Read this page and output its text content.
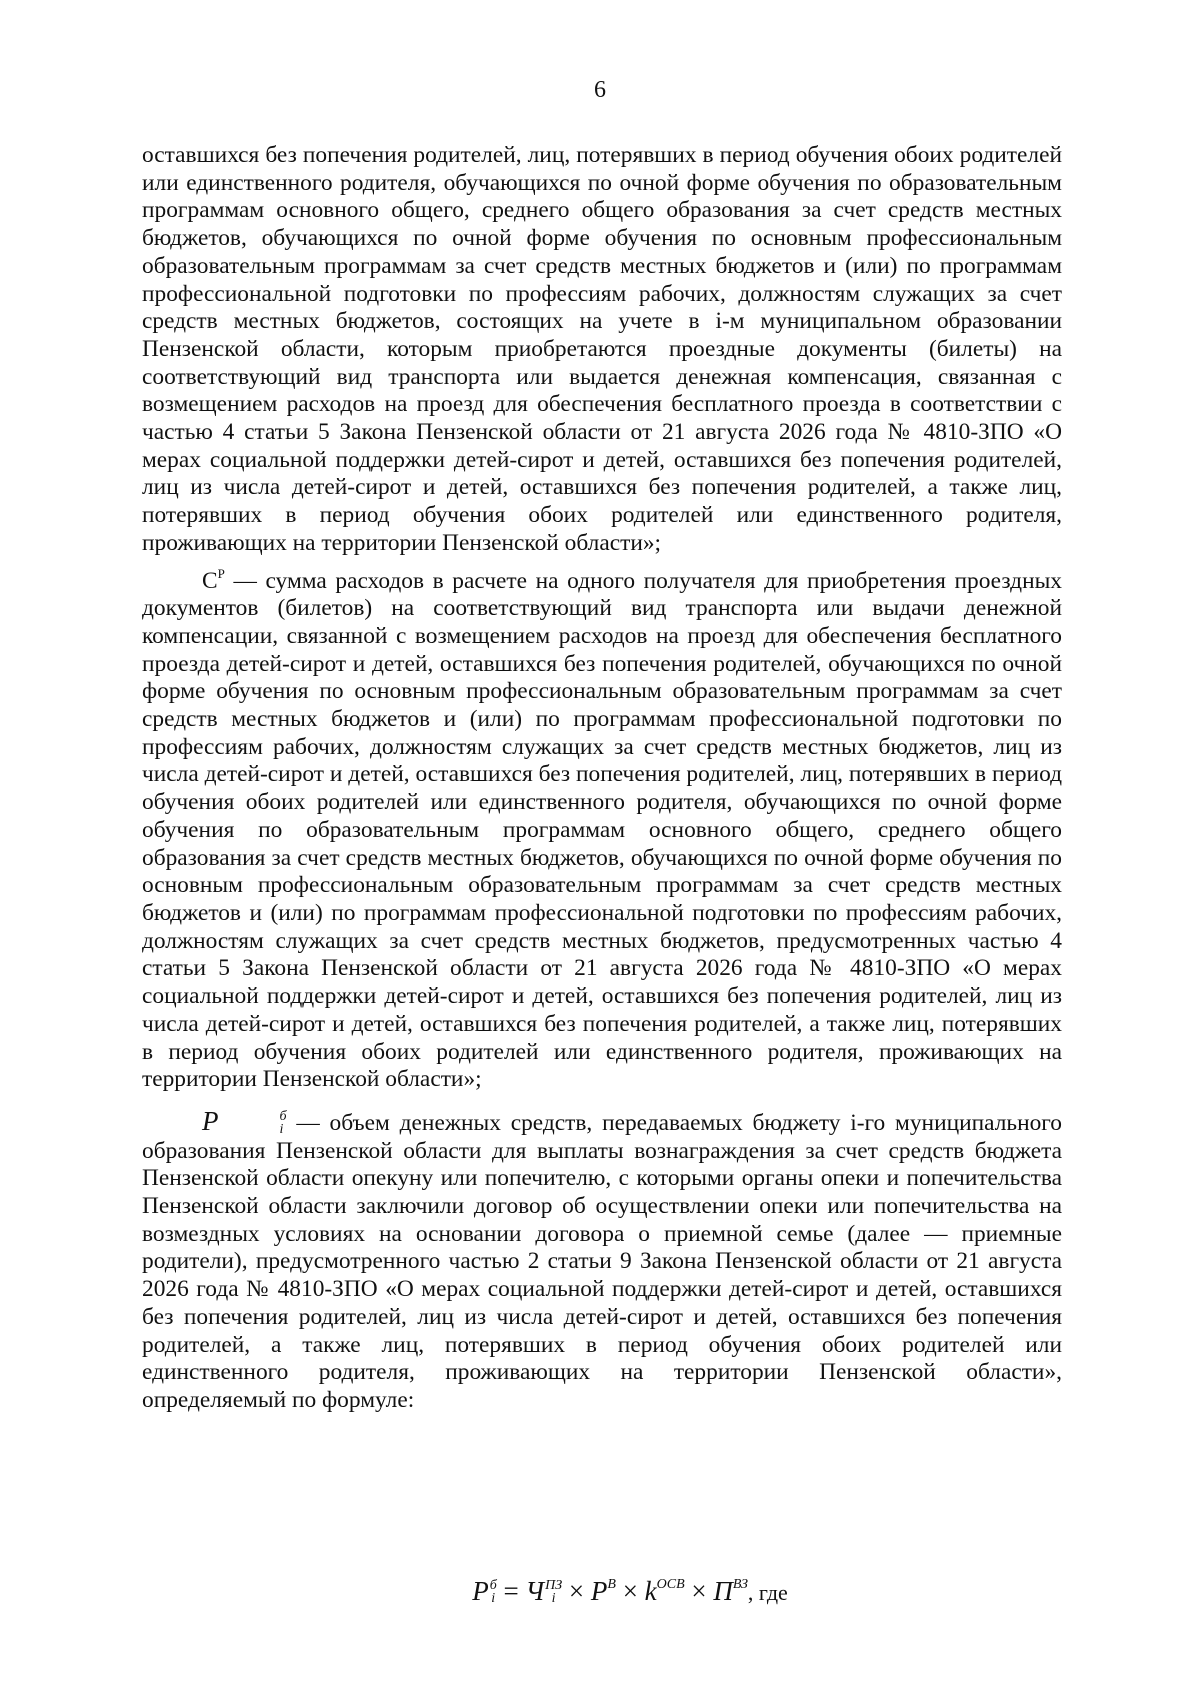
6

оставшихся без попечения родителей, лиц, потерявших в период обучения обоих родителей или единственного родителя, обучающихся по очной форме обучения по образовательным программам основного общего, среднего общего образования за счет средств местных бюджетов, обучающихся по очной форме обучения по основным профессиональным образовательным программам за счет средств местных бюджетов и (или) по программам профессиональной подготовки по профессиям рабочих, должностям служащих за счет средств местных бюджетов, состоящих на учете в i-м муниципальном образовании Пензенской области, которым приобретаются проездные документы (билеты) на соответствующий вид транспорта или выдается денежная компенсация, связанная с возмещением расходов на проезд для обеспечения бесплатного проезда в соответствии с частью 4 статьи 5 Закона Пензенской области от 21 августа 2026 года № 4810-ЗПО «О мерах социальной поддержки детей-сирот и детей, оставшихся без попечения родителей, лиц из числа детей-сирот и детей, оставшихся без попечения родителей, а также лиц, потерявших в период обучения обоих родителей или единственного родителя, проживающих на территории Пензенской области»;

$С^Р$ — сумма расходов в расчете на одного получателя для приобретения проездных документов (билетов) на соответствующий вид транспорта или выдачи денежной компенсации, связанной с возмещением расходов на проезд для обеспечения бесплатного проезда детей-сирот и детей, оставшихся без попечения родителей, обучающихся по очной форме обучения по основным профессиональным образовательным программам за счет средств местных бюджетов и (или) по программам профессиональной подготовки по профессиям рабочих, должностям служащих за счет средств местных бюджетов, лиц из числа детей-сирот и детей, оставшихся без попечения родителей, лиц, потерявших в период обучения обоих родителей или единственного родителя, обучающихся по очной форме обучения по образовательным программам основного общего, среднего общего образования за счет средств местных бюджетов, обучающихся по очной форме обучения по основным профессиональным образовательным программам за счет средств местных бюджетов и (или) по программам профессиональной подготовки по профессиям рабочих, должностям служащих за счет средств местных бюджетов, предусмотренных частью 4 статьи 5 Закона Пензенской области от 21 августа 2026 года № 4810-ЗПО «О мерах социальной поддержки детей-сирот и детей, оставшихся без попечения родителей, лиц из числа детей-сирот и детей, оставшихся без попечения родителей, а также лиц, потерявших в период обучения обоих родителей или единственного родителя, проживающих на территории Пензенской области»;

P	б
i — объем денежных средств, передаваемых бюджету i-го муниципального образования Пензенской области для выплаты вознаграждения за счет средств бюджета Пензенской области опекуну или попечителю, с которыми органы опеки и попечительства Пензенской области заключили договор об осуществлении опеки или попечительства на возмездных условиях на основании договора о приемной семье (далее — приемные родители), предусмотренного частью 2 статьи 9 Закона Пензенской области от 21 августа 2026 года № 4810-ЗПО «О мерах социальной поддержки детей-сирот и детей, оставшихся без попечения родителей, лиц из числа детей-сирот и детей, оставшихся без попечения родителей, а также лиц, потерявших в период обучения обоих родителей или единственного родителя, проживающих на территории Пензенской области», определяемый по формуле:

P б
i = Ч ПЗ
$i \times P^В \times k^{ОСВ} \times П^{ВЗ}$, где
